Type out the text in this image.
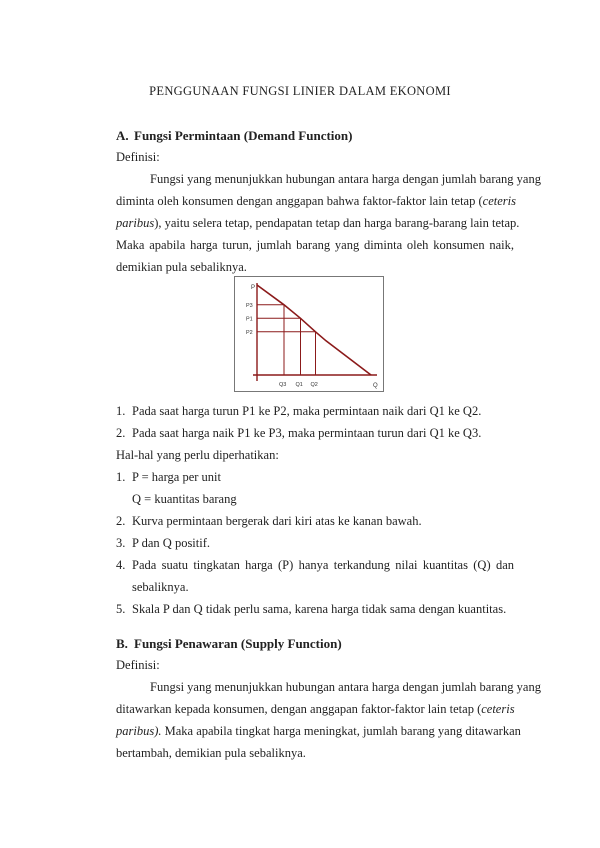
PENGGUNAAN FUNGSI LINIER DALAM EKONOMI
A. Fungsi Permintaan (Demand Function)
Definisi:
Fungsi yang menunjukkan hubungan antara harga dengan jumlah barang yang
diminta oleh konsumen dengan anggapan bahwa faktor-faktor lain tetap (ceteris
paribus), yaitu selera tetap, pendapatan tetap dan harga barang-barang lain tetap.
Maka apabila harga turun, jumlah barang yang diminta oleh konsumen naik,
demikian pula sebaliknya.
P
Q
P3
P1
P2
Q3 Q1 Q2
1. Pada saat harga turun P1 ke P2, maka permintaan naik dari Q1 ke Q2.
2. Pada saat harga naik P1 ke P3, maka permintaan turun dari Q1 ke Q3.
Hal-hal yang perlu diperhatikan:
1. P = harga per unit
Q = kuantitas barang
2. Kurva permintaan bergerak dari kiri atas ke kanan bawah.
3. P dan Q positif.
4. Pada suatu tingkatan harga (P) hanya terkandung nilai kuantitas (Q) dan
sebaliknya.
5. Skala P dan Q tidak perlu sama, karena harga tidak sama dengan kuantitas.
B. Fungsi Penawaran (Supply Function)
Definisi:
Fungsi yang menunjukkan hubungan antara harga dengan jumlah barang yang
ditawarkan kepada konsumen, dengan anggapan faktor-faktor lain tetap (ceteris
paribus). Maka apabila tingkat harga meningkat, jumlah barang yang ditawarkan
bertambah, demikian pula sebaliknya.
